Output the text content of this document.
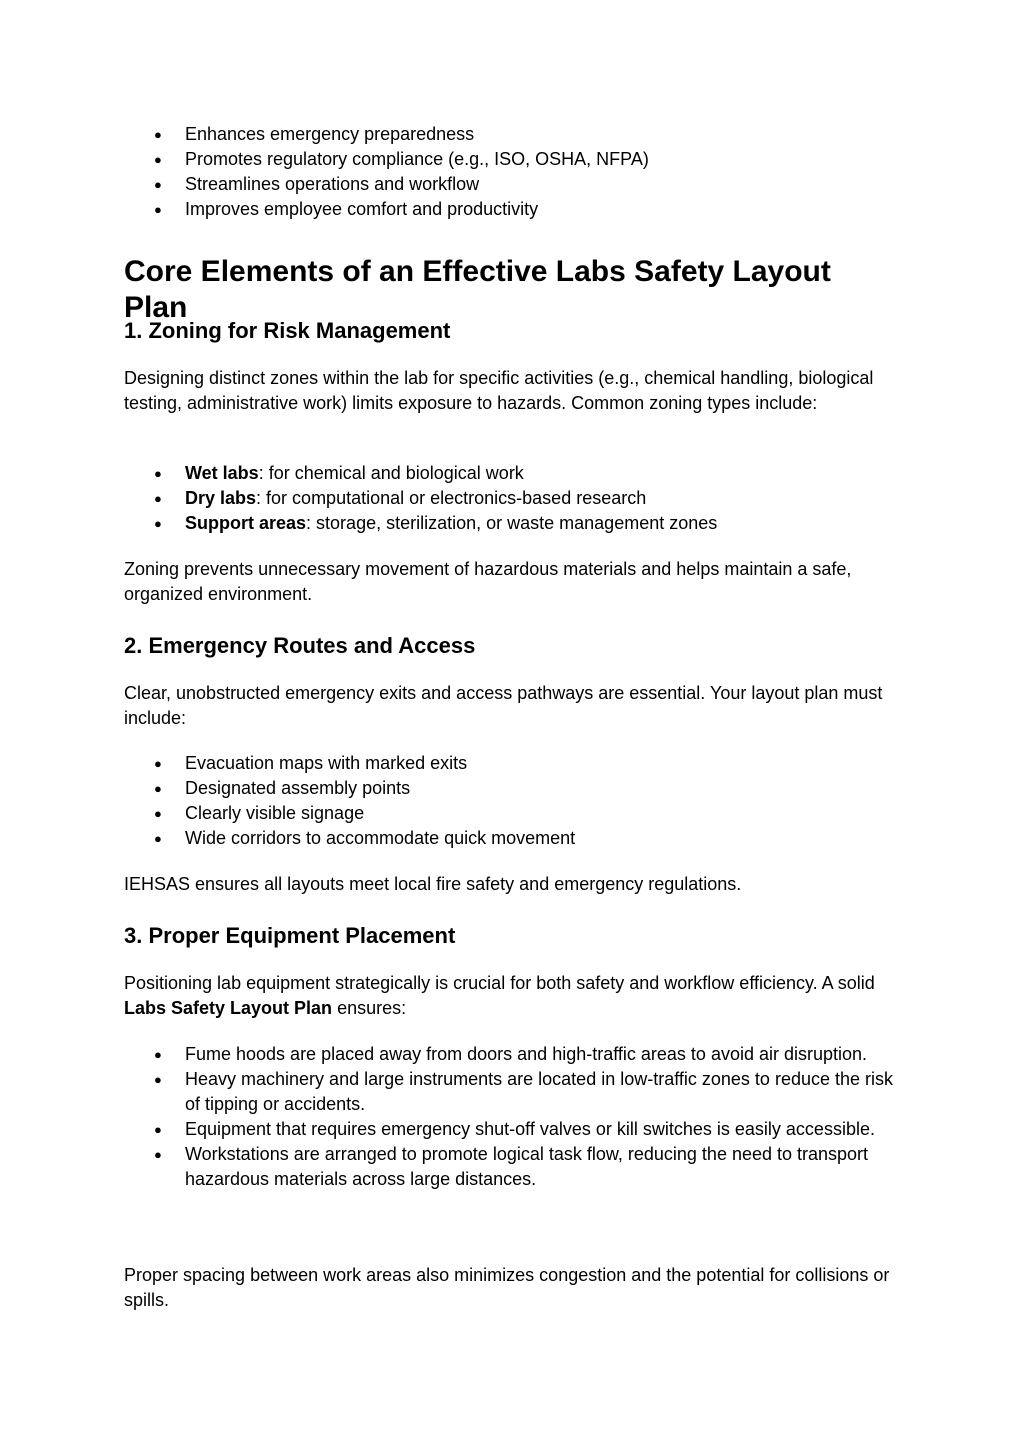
● Enhances emergency preparedness
● Promotes regulatory compliance (e.g., ISO, OSHA, NFPA)
● Streamlines operations and workflow
● Improves employee comfort and productivity
Core Elements of an Effective Labs Safety Layout Plan
1. Zoning for Risk Management

Designing distinct zones within the lab for specific activities (e.g., chemical handling, biological testing, administrative work) limits exposure to hazards. Common zoning types include:

● Wet labs: for chemical and biological work
● Dry labs: for computational or electronics-based research
● Support areas: storage, sterilization, or waste management zones

Zoning prevents unnecessary movement of hazardous materials and helps maintain a safe, organized environment.

2. Emergency Routes and Access

Clear, unobstructed emergency exits and access pathways are essential. Your layout plan must include:

● Evacuation maps with marked exits
● Designated assembly points
● Clearly visible signage
● Wide corridors to accommodate quick movement

IEHSAS ensures all layouts meet local fire safety and emergency regulations.

3. Proper Equipment Placement

Positioning lab equipment strategically is crucial for both safety and workflow efficiency. A solid Labs Safety Layout Plan ensures:

● Fume hoods are placed away from doors and high-traffic areas to avoid air disruption.
● Heavy machinery and large instruments are located in low-traffic zones to reduce the risk of tipping or accidents.
● Equipment that requires emergency shut-off valves or kill switches is easily accessible.
● Workstations are arranged to promote logical task flow, reducing the need to transport hazardous materials across large distances.

Proper spacing between work areas also minimizes congestion and the potential for collisions or spills.
